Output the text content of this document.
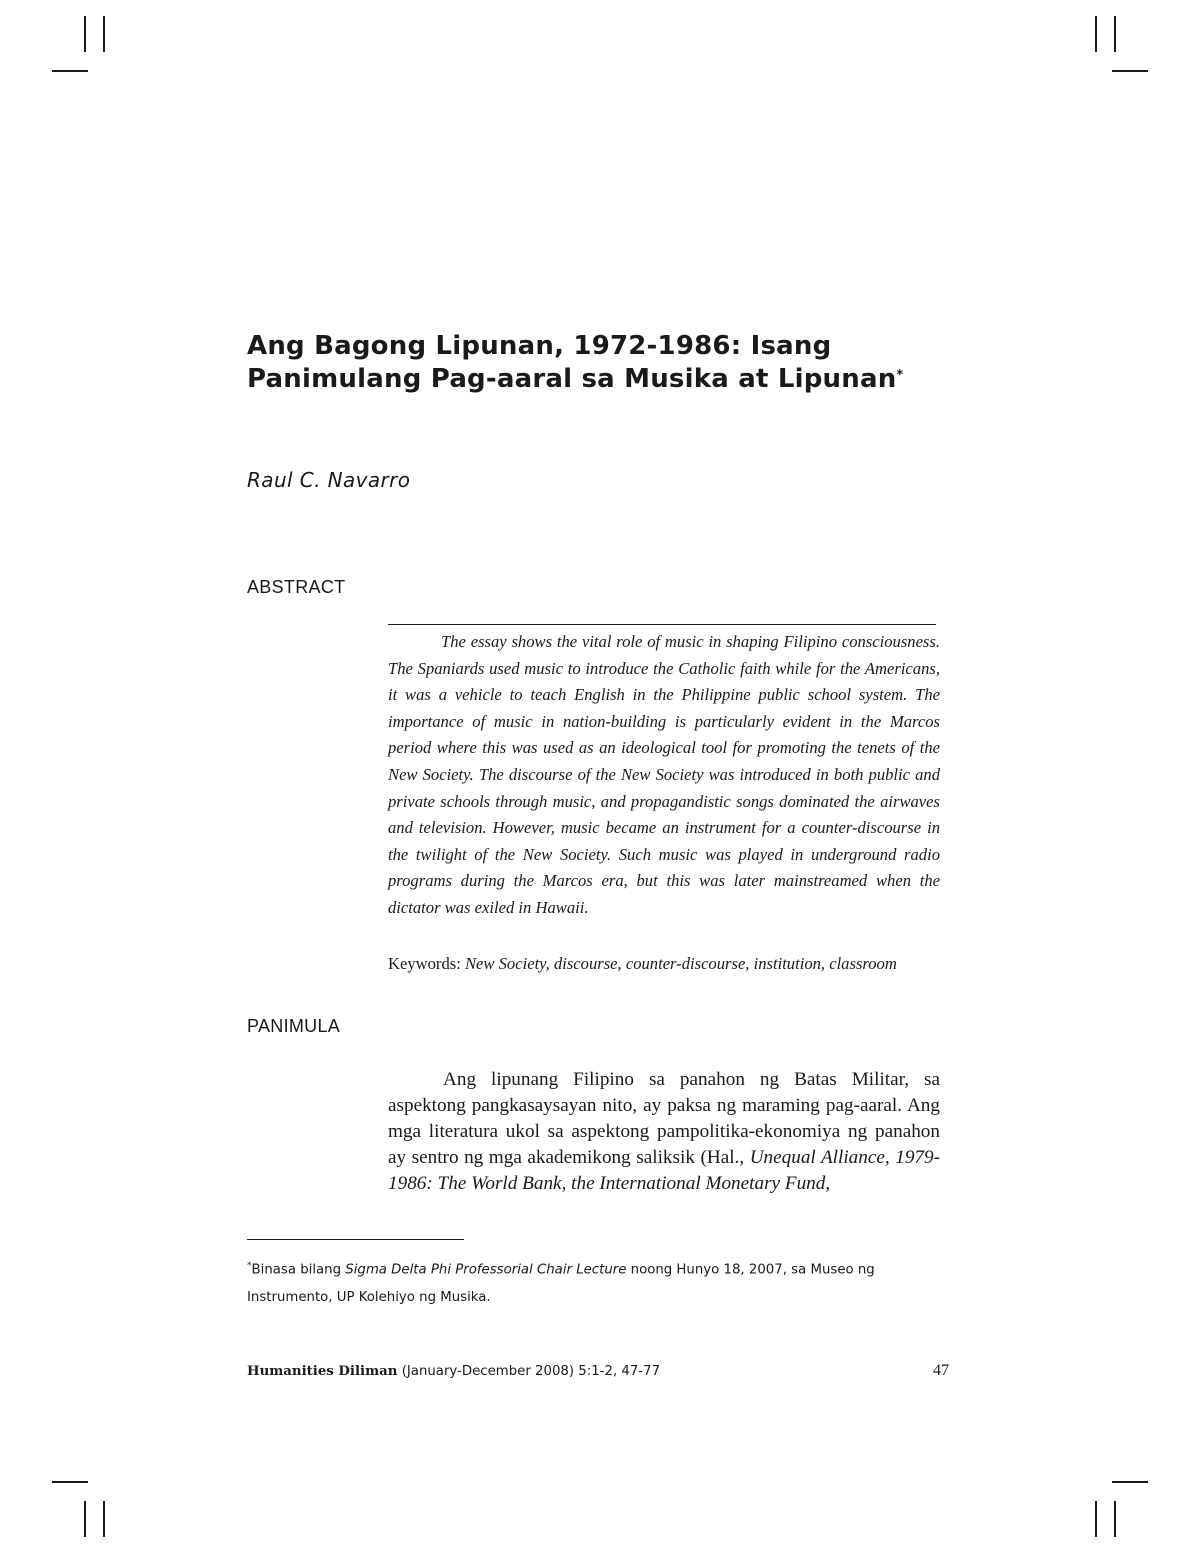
Ang Bagong Lipunan, 1972-1986: Isang
Panimulang Pag-aaral sa Musika at Lipunan*
Raul C. Navarro
ABSTRACT

The essay shows the vital role of music in shaping Filipino consciousness. The Spaniards used music to introduce the Catholic faith while for the Americans, it was a vehicle to teach English in the Philippine public school system. The importance of music in nation-building is particularly evident in the Marcos period where this was used as an ideological tool for promoting the tenets of the New Society. The discourse of the New Society was introduced in both public and private schools through music, and propagandistic songs dominated the airwaves and television. However, music became an instrument for a counter-discourse in the twilight of the New Society. Such music was played in underground radio programs during the Marcos era, but this was later mainstreamed when the dictator was exiled in Hawaii.

Keywords: New Society, discourse, counter-discourse, institution, classroom
PANIMULA

Ang lipunang Filipino sa panahon ng Batas Militar, sa aspektong pangkasaysayan nito, ay paksa ng maraming pag-aaral. Ang mga literatura ukol sa aspektong pampolitika-ekonomiya ng panahon ay sentro ng mga akademikong saliksik (Hal., Unequal Alliance, 1979-1986: The World Bank, the International Monetary Fund,

*Binasa bilang Sigma Delta Phi Professorial Chair Lecture noong Hunyo 18, 2007, sa Museo ng Instrumento, UP Kolehiyo ng Musika.

Humanities Diliman (January-December 2008) 5:1-2, 47-77	47
